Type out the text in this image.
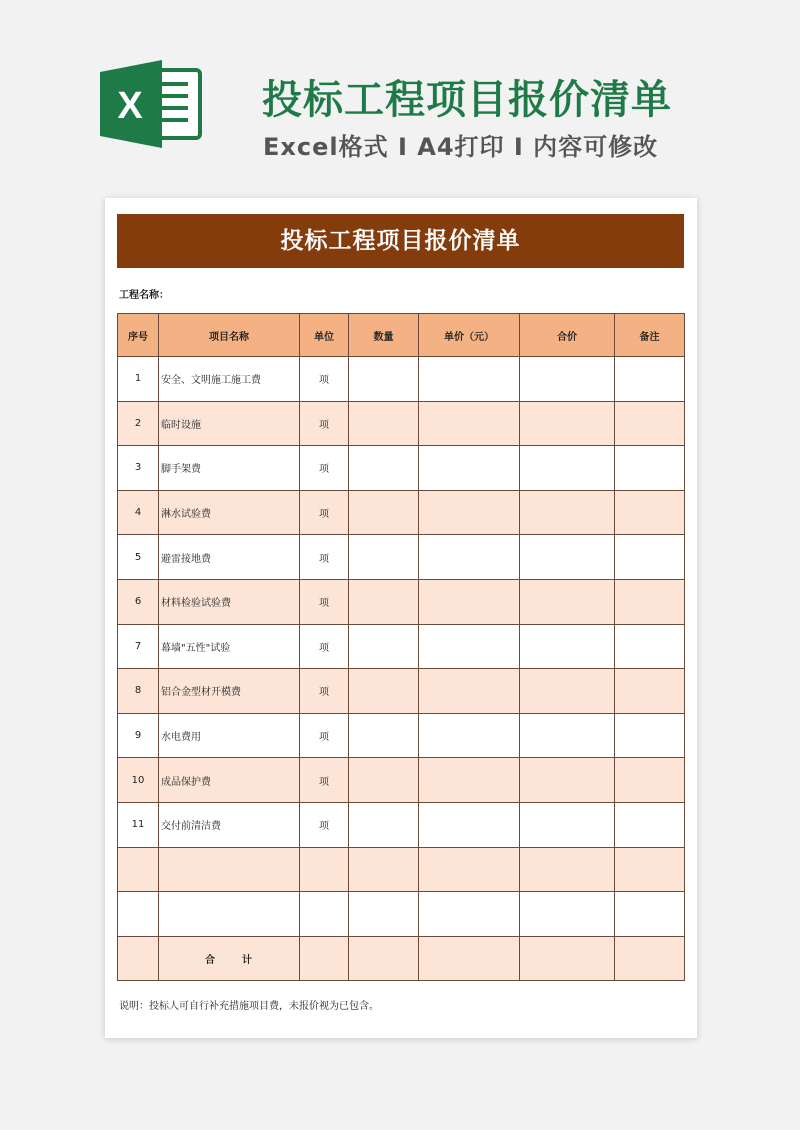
X	投标工程项目报价清单
Excel格式 I A4打印 I 内容可修改
投标工程项目报价清单
工程名称：
序号	项目名称	单位	数量	单价（元）	合价	备注
1	安全、文明施工施工费	项				
2	临时设施	项				
3	脚手架费	项				
4	淋水试验费	项				
5	避雷接地费	项				
6	材料检验试验费	项				
7	幕墙"五性"试验	项				
8	铝合金型材开模费	项				
9	水电费用	项				
10	成品保护费	项				
11	交付前清洁费	项				

	合 计					
说明：投标人可自行补充措施项目费，未报价视为已包含。
